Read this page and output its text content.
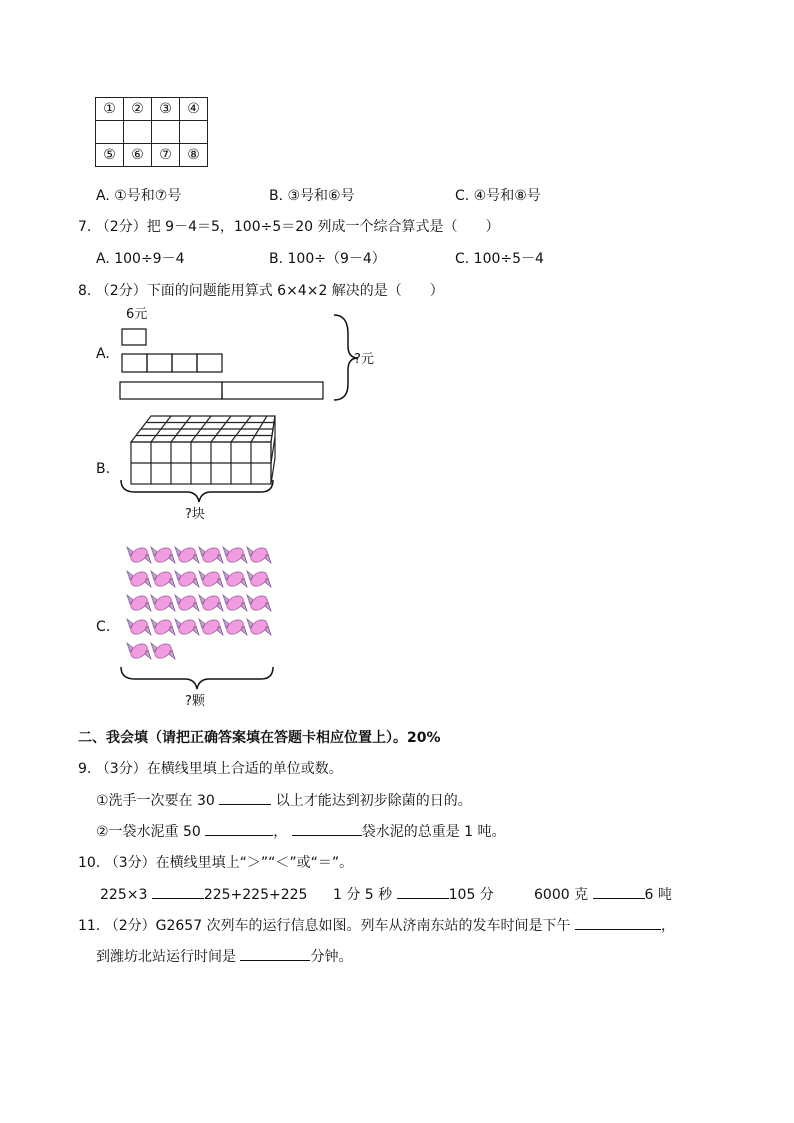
①	②	③	④

⑤	⑥	⑦	⑧
A. ①号和⑦号	B. ③号和⑥号	C. ④号和⑧号
7. （2分）把 9－4＝5，100÷5＝20 列成一个综合算式是（　　）
A. 100÷9－4	B. 100÷（9－4）	C. 100÷5－4
8. （2分）下面的问题能用算式 6×4×2 解决的是（　　）
A.
6元
?元
B.
?块
C.
?颗
二、我会填（请把正确答案填在答题卡相应位置上）。20%
9. （3分）在横线里填上合适的单位或数。
①洗手一次要在 30	以上才能达到初步除菌的日的。
②一袋水泥重 50	，	袋水泥的总重是 1 吨。
10. （3分）在横线里填上“＞”“＜”或“＝”。
225×3	225+225+225 1 分 5 秒	105 分	6000 克	6 吨
11. （2分）G2657 次列车的运行信息如图。列车从济南东站的发车时间是下午	，
到潍坊北站运行时间是	分钟。
